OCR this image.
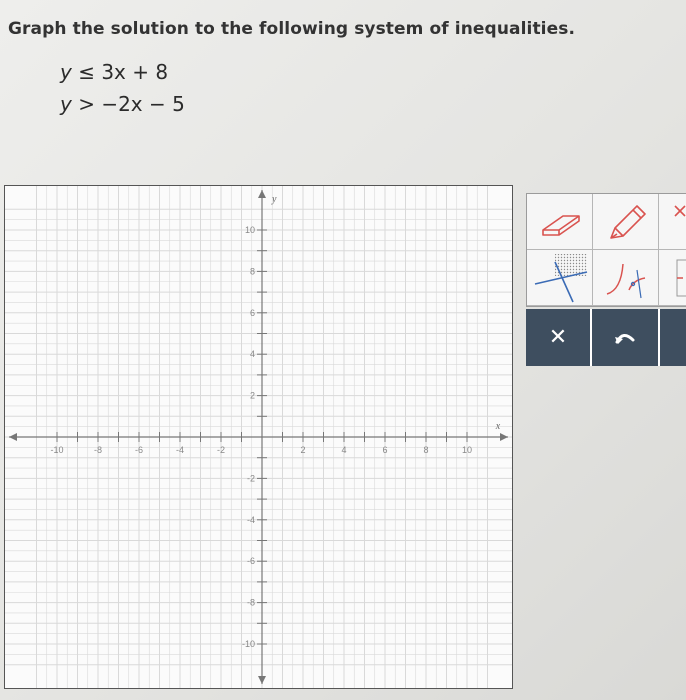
Graph the solution to the following system of inequalities.
y ≤ 3x + 8
y > −2x − 5
-10	-8	-6	-4	-2	2	4	6	8	10
10
8
6
4
2
-2
-4
-6
-8
-10
x
y
✕
